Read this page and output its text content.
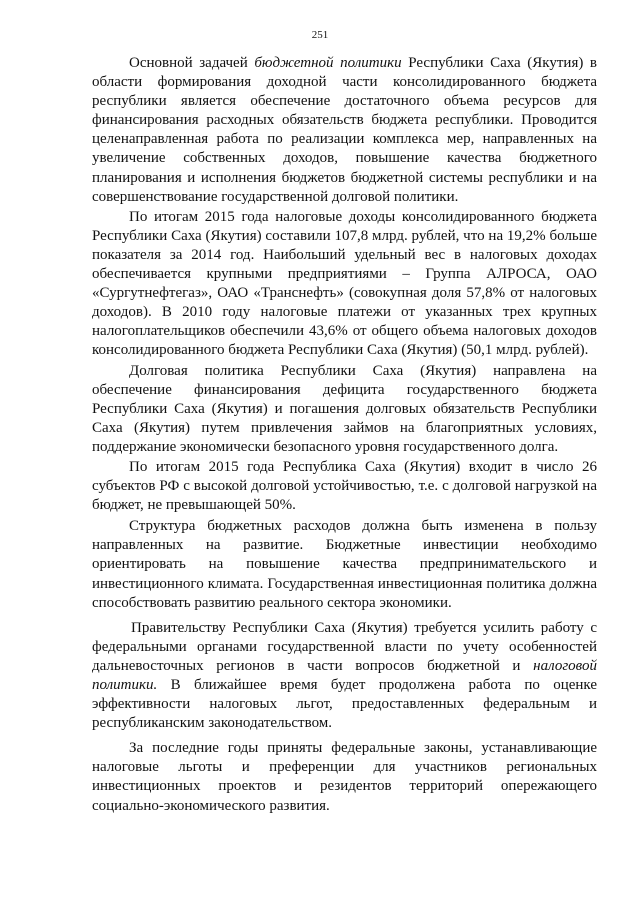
251

Основной задачей бюджетной политики Республики Саха (Якутия) в области формирования доходной части консолидированного бюджета республики является обеспечение достаточного объема ресурсов для финансирования расходных обязательств бюджета республики. Проводится целенаправленная работа по реализации комплекса мер, направленных на увеличение собственных доходов, повышение качества бюджетного планирования и исполнения бюджетов бюджетной системы республики и на совершенствование государственной долговой политики.

По итогам 2015 года налоговые доходы консолидированного бюджета Республики Саха (Якутия) составили 107,8 млрд. рублей, что на 19,2% больше показателя за 2014 год. Наибольший удельный вес в налоговых доходах обеспечивается крупными предприятиями – Группа АЛРОСА, ОАО «Сургутнефтегаз», ОАО «Транснефть» (совокупная доля 57,8% от налоговых доходов). В 2010 году налоговые платежи от указанных трех крупных налогоплательщиков обеспечили 43,6% от общего объема налоговых доходов консолидированного бюджета Республики Саха (Якутия) (50,1 млрд. рублей).

Долговая политика Республики Саха (Якутия) направлена на обеспечение финансирования дефицита государственного бюджета Республики Саха (Якутия) и погашения долговых обязательств Республики Саха (Якутия) путем привлечения займов на благоприятных условиях, поддержание экономически безопасного уровня государственного долга.

По итогам 2015 года Республика Саха (Якутия) входит в число 26 субъектов РФ с высокой долговой устойчивостью, т.е. с долговой нагрузкой на бюджет, не превышающей 50%.

Структура бюджетных расходов должна быть изменена в пользу направленных на развитие. Бюджетные инвестиции необходимо ориентировать на повышение качества предпринимательского и инвестиционного климата. Государственная инвестиционная политика должна способствовать развитию реального сектора экономики.

Правительству Республики Саха (Якутия) требуется усилить работу с федеральными органами государственной власти по учету особенностей дальневосточных регионов в части вопросов бюджетной и налоговой политики. В ближайшее время будет продолжена работа по оценке эффективности налоговых льгот, предоставленных федеральным и республиканским законодательством.

За последние годы приняты федеральные законы, устанавливающие налоговые льготы и преференции для участников региональных инвестиционных проектов и резидентов территорий опережающего социально-экономического развития.
